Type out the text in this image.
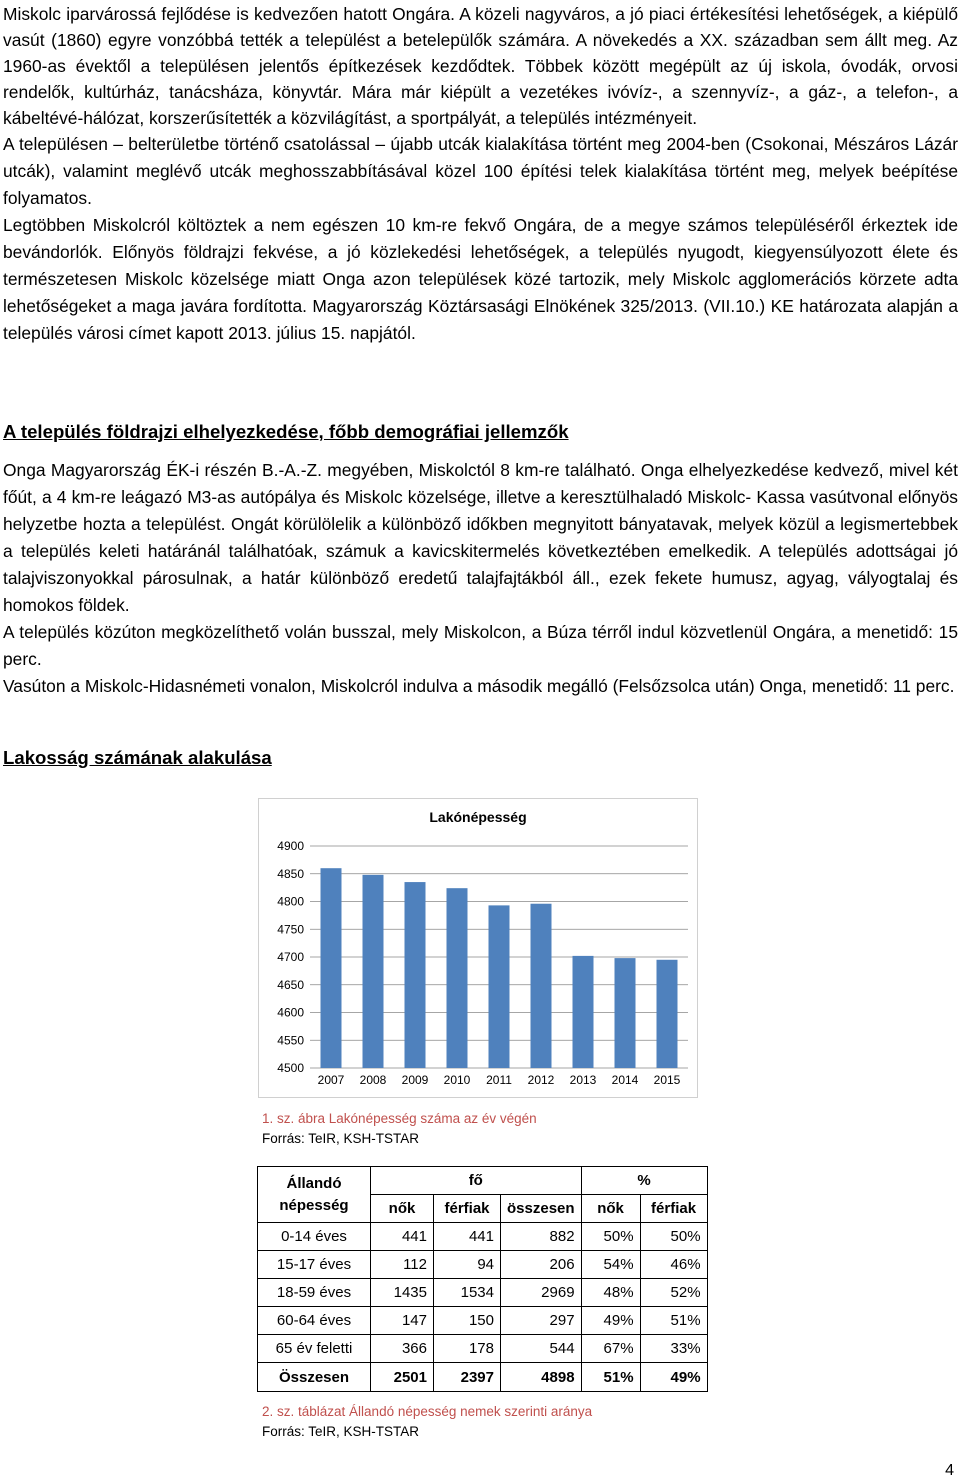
Miskolc iparvárossá fejlődése is kedvezően hatott Ongára. A közeli nagyváros, a jó piaci értékesítési lehetőségek, a kiépülő vasút (1860) egyre vonzóbbá tették a települést a betelepülők számára. A növekedés a XX. században sem állt meg. Az 1960-as évektől a településen jelentős építkezések kezdődtek. Többek között megépült az új iskola, óvodák, orvosi rendelők, kultúrház, tanácsháza, könyvtár. Mára már kiépült a vezetékes ivóvíz-, a szennyvíz-, a gáz-, a telefon-, a kábeltévé-hálózat, korszerűsítették a közvilágítást, a sportpályát, a település intézményeit.

A településen – belterületbe történő csatolással – újabb utcák kialakítása történt meg 2004-ben (Csokonai, Mészáros Lázár utcák), valamint meglévő utcák meghosszabbításával közel 100 építési telek kialakítása történt meg, melyek beépítése folyamatos.

Legtöbben Miskolcról költöztek a nem egészen 10 km-re fekvő Ongára, de a megye számos településéről érkeztek ide bevándorlók. Előnyös földrajzi fekvése, a jó közlekedési lehetőségek, a település nyugodt, kiegyensúlyozott élete és természetesen Miskolc közelsége miatt Onga azon települések közé tartozik, mely Miskolc agglomerációs körzete adta lehetőségeket a maga javára fordította. Magyarország Köztársasági Elnökének 325/2013. (VII.10.) KE határozata alapján a település városi címet kapott 2013. július 15. napjától.

A település földrajzi elhelyezkedése, főbb demográfiai jellemzők

Onga Magyarország ÉK-i részén B.-A.-Z. megyében, Miskolctól 8 km-re található. Onga elhelyezkedése kedvező, mivel két főút, a 4 km-re leágazó M3-as autópálya és Miskolc közelsége, illetve a keresztülhaladó Miskolc- Kassa vasútvonal előnyös helyzetbe hozta a települést. Ongát körülölelik a különböző időkben megnyitott bányatavak, melyek közül a legismertebbek a település keleti határánál találhatóak, számuk a kavicskitermelés következtében emelkedik. A település adottságai jó talajviszonyokkal párosulnak, a határ különböző eredetű talajfajtákból áll., ezek fekete humusz, agyag, vályogtalaj és homokos földek.

A település közúton megközelíthető volán busszal, mely Miskolcon, a Búza térről indul közvetlenül Ongára, a menetidő: 15 perc.

Vasúton a Miskolc-Hidasnémeti vonalon, Miskolcról indulva a második megálló (Felsőzsolca után) Onga, menetidő: 11 perc.

Lakosság számának alakulása
Lakónépesség
4500
4550
4600
4650
4700
4750
4800
4850
4900
2007 2008 2009 2010 2011 2012 2013 2014 2015
1. sz. ábra Lakónépesség száma az év végén
Forrás: TeIR, KSH-TSTAR
Állandó népesség	fő			%	
	nők	férfiak	összesen	nők	férfiak
0-14 éves	441	441	882	50%	50%
15-17 éves	112	94	206	54%	46%
18-59 éves	1435	1534	2969	48%	52%
60-64 éves	147	150	297	49%	51%
65 év feletti	366	178	544	67%	33%
Összesen	2501	2397	4898	51%	49%
2. sz. táblázat Állandó népesség nemek szerinti aránya
Forrás: TeIR, KSH-TSTAR
4
